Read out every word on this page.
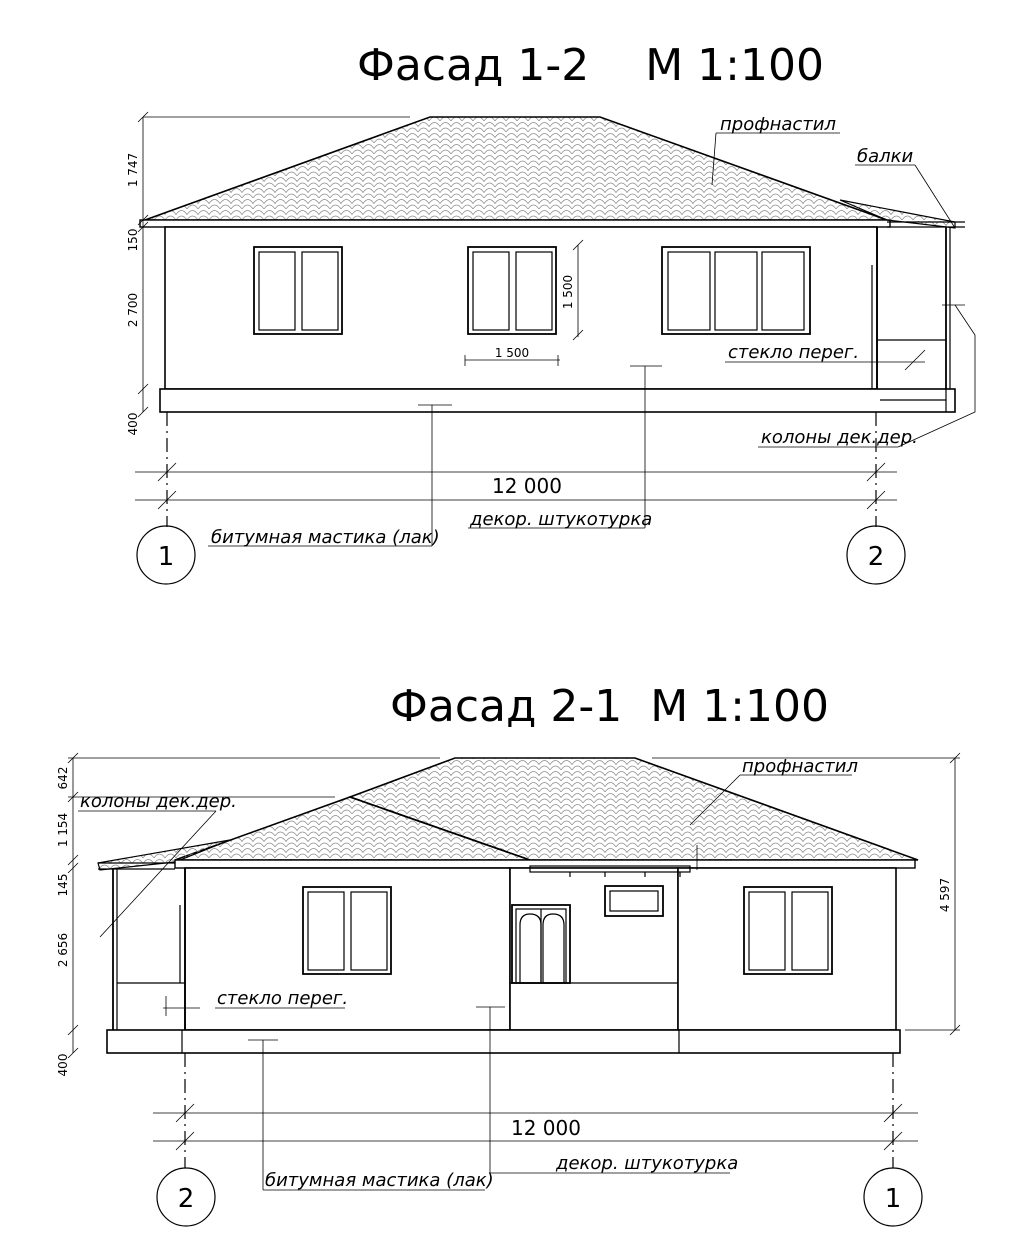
Фасад 1-2    М 1:100
1 500
1 500
1 747
150
2 700
400
12 000
1	2
профнастил
балки
стекло перег.
колоны дек.дер.
битумная мастика (лак)
декор. штукотурка
Фасад 2-1  М 1:100
642
1 154
145
2 656
400
4 597
12 000
2	1
профнастил
колоны дек.дер.
стекло перег.
битумная мастика (лак)
декор. штукотурка
